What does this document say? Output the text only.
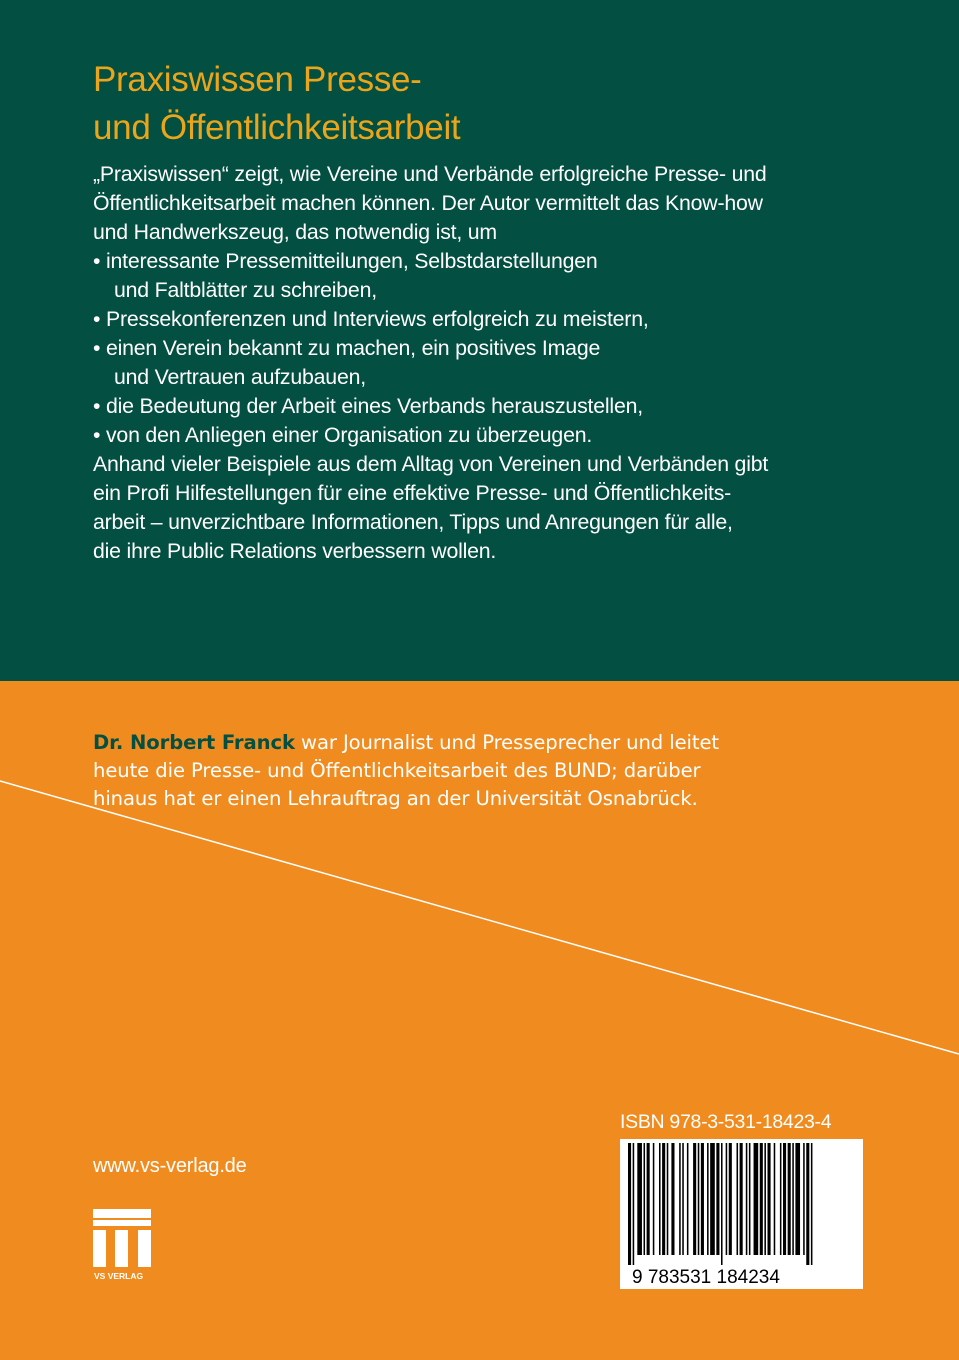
Praxiswissen Presse-
und Öffentlichkeitsarbeit
„Praxiswissen“ zeigt, wie Vereine und Verbände erfolgreiche Presse- und
Öffentlichkeitsarbeit machen können. Der Autor vermittelt das Know-how
und Handwerkszeug, das notwendig ist, um
• interessante Pressemitteilungen, Selbstdarstellungen
und Faltblätter zu schreiben,
• Pressekonferenzen und Interviews erfolgreich zu meistern,
• einen Verein bekannt zu machen, ein positives Image
und Vertrauen aufzubauen,
• die Bedeutung der Arbeit eines Verbands herauszustellen,
• von den Anliegen einer Organisation zu überzeugen.
Anhand vieler Beispiele aus dem Alltag von Vereinen und Verbänden gibt
ein Profi Hilfestellungen für eine effektive Presse- und Öffentlichkeits-
arbeit – unverzichtbare Informationen, Tipps und Anregungen für alle,
die ihre Public Relations verbessern wollen.
Dr. Norbert Franck war Journalist und Presseprecher und leitet
heute die Presse- und Öffentlichkeitsarbeit des BUND; darüber
hinaus hat er einen Lehrauftrag an der Universität Osnabrück.
www.vs-verlag.de
VS VERLAG
ISBN 978-3-531-18423-4
9 783531 184234
